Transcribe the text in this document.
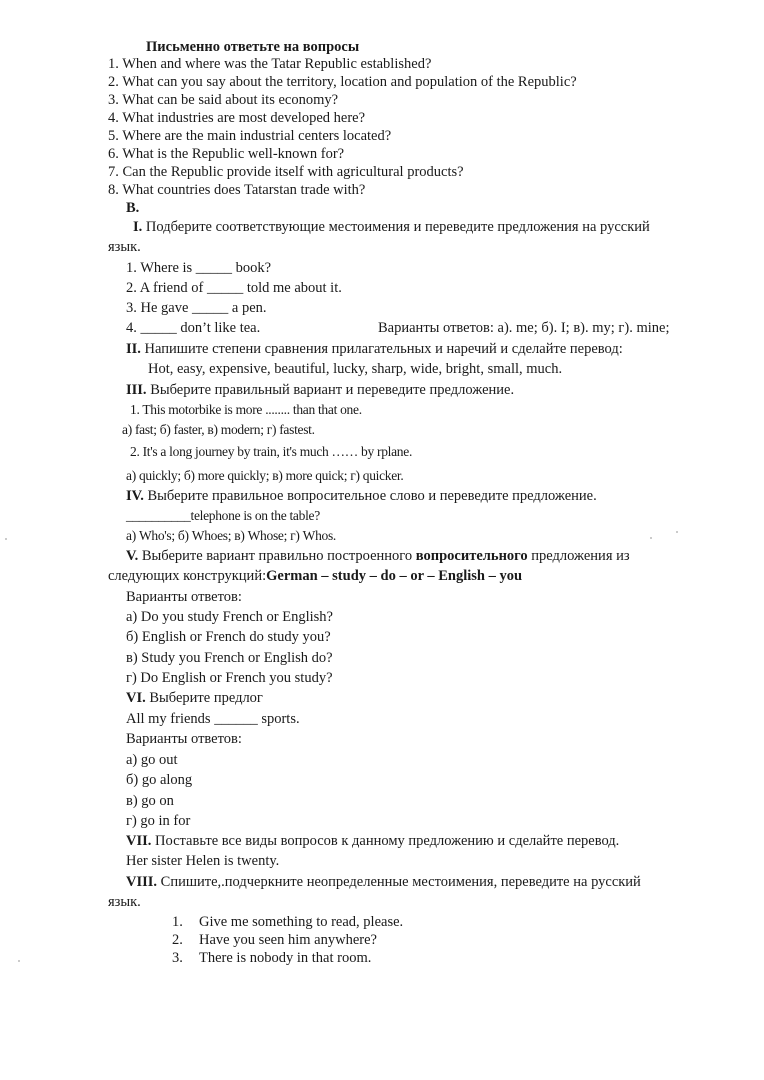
Письменно ответьте на вопросы
1. When and where was the Tatar Republic established?
2. What can you say about the territory, location and population of the Republic?
3. What can be said about its economy?
4. What industries are most developed here?
5. Where are the main industrial centers located?
6. What is the Republic well-known for?
7. Can the Republic provide itself with agricultural products?
8. What countries does Tatarstan trade with?
В.
I. Подберите соответствующие местоимения и переведите предложения на русский
язык.
1. Where is _____ book?
2. A friend of _____ told me about it.
3. He gave _____ a pen.
4. _____ don’t like tea.	Варианты ответов: а). me; б). I; в). my; г). mine;
II. Напишите степени сравнения прилагательных и наречий и сделайте перевод:
Hot, easy, expensive, beautiful, lucky, sharp, wide, bright, small, much.
III. Выберите правильный вариант и переведите предложение.
1. This motorbike is more ........ than that one.
a) fast; б) faster, в) modern; г) fastest.
2. It's a long journey by train, it's much …… by rplane.
а) quickly; б) more quickly; в) more quick; г) quicker.
IV. Выберите правильное вопросительное слово и переведите предложение.
__________telephone is on the table?
а) Who's; б) Whoes; в) Whose; г) Whos.
V. Выберите вариант правильно построенного вопросительного предложения из
следующих конструкций:German – study – do – or – English – you
Варианты ответов:
а) Do you study French or English?
б) English or French do study you?
в) Study you French or English do?
г) Do English or French you study?
VI. Выберите предлог
All my friends ______ sports.
Варианты ответов:
а) go out
б) go along
в) go on
г) go in for
VII. Поставьте все виды вопросов к данному предложению и сделайте перевод.
Her sister Helen is twenty.
VIII. Спишите,.подчеркните неопределенные местоимения, переведите на русский
язык.
1. Give me something to read, please.
2. Have you seen him anywhere?
3. There is nobody in that room.
